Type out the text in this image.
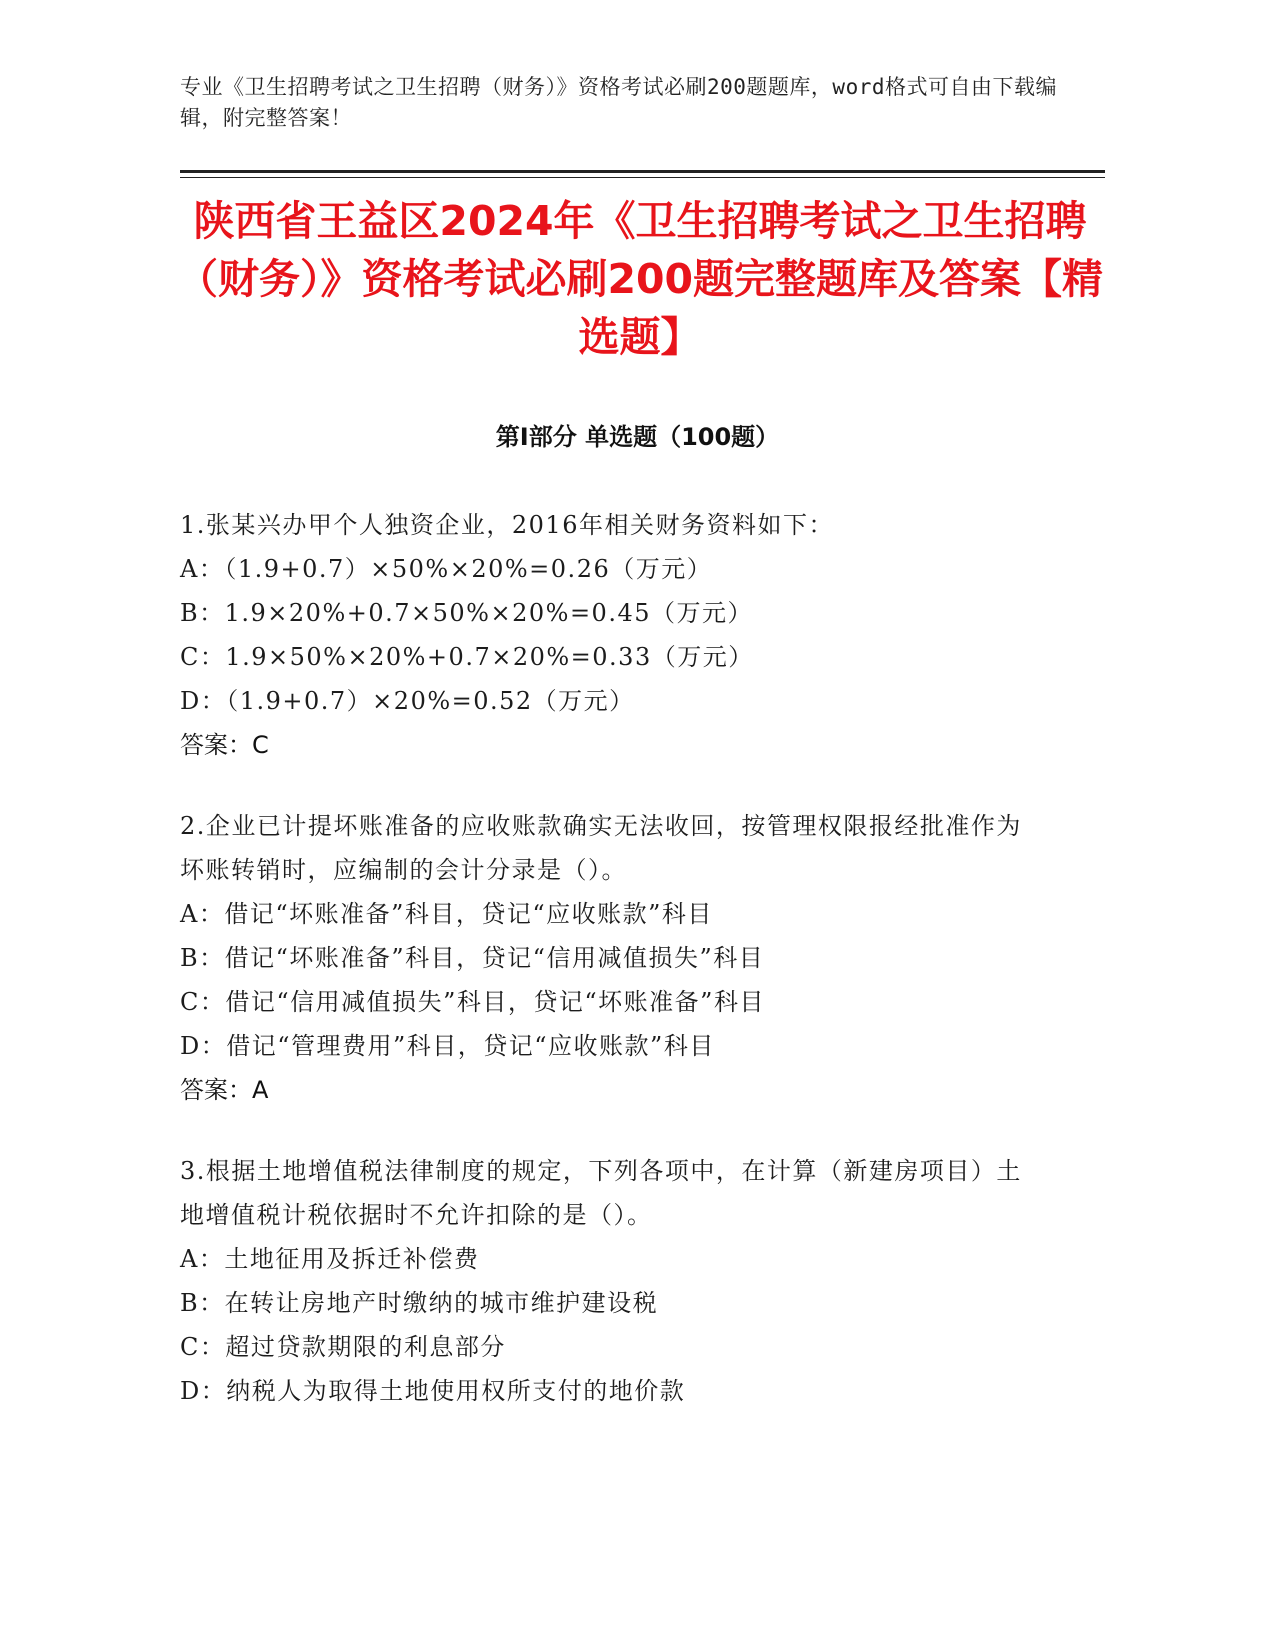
专业《卫生招聘考试之卫生招聘（财务）》资格考试必刷200题题库，word格式可自由下载编辑，附完整答案！
陕西省王益区2024年《卫生招聘考试之卫生招聘（财务）》资格考试必刷200题完整题库及答案【精选题】
第Ⅰ部分 单选题（100题）

1.张某兴办甲个人独资企业，2016年相关财务资料如下：

A：（1.9+0.7）×50%×20%=0.26（万元）

B：1.9×20%+0.7×50%×20%=0.45（万元）

C：1.9×50%×20%+0.7×20%=0.33（万元）

D：（1.9+0.7）×20%=0.52（万元）

答案：C

2.企业已计提坏账准备的应收账款确实无法收回，按管理权限报经批准作为坏账转销时，应编制的会计分录是（）。

A：借记“坏账准备”科目，贷记“应收账款”科目

B：借记“坏账准备”科目，贷记“信用减值损失”科目

C：借记“信用减值损失”科目，贷记“坏账准备”科目

D：借记“管理费用”科目，贷记“应收账款”科目

答案：A

3.根据土地增值税法律制度的规定，下列各项中，在计算（新建房项目）土地增值税计税依据时不允许扣除的是（）。

A：土地征用及拆迁补偿费

B：在转让房地产时缴纳的城市维护建设税

C：超过贷款期限的利息部分

D：纳税人为取得土地使用权所支付的地价款
